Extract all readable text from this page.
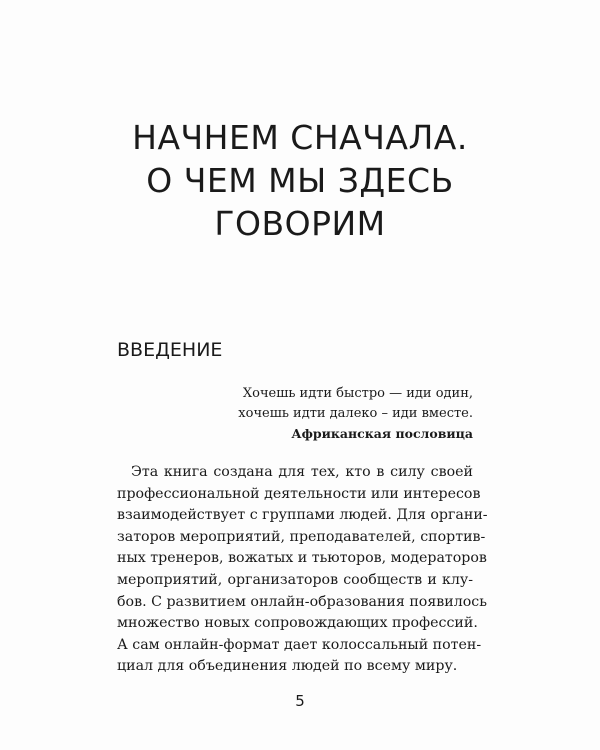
НАЧНЕМ СНАЧАЛА.
О ЧЕМ МЫ ЗДЕСЬ
ГОВОРИМ
ВВЕДЕНИЕ
Хочешь идти быстро — иди один,
хочешь идти далеко – иди вместе.
Африканская пословица
Эта книга создана для тех, кто в силу своей
профессиональной деятельности или интересов
взаимодействует с группами людей. Для органи-
заторов мероприятий, преподавателей, спортив-
ных тренеров, вожатых и тьюторов, модераторов
мероприятий, организаторов сообществ и клу-
бов. С развитием онлайн-образования появилось
множество новых сопровождающих профессий.
А сам онлайн-формат дает колоссальный потен-
циал для объединения людей по всему миру.
5
